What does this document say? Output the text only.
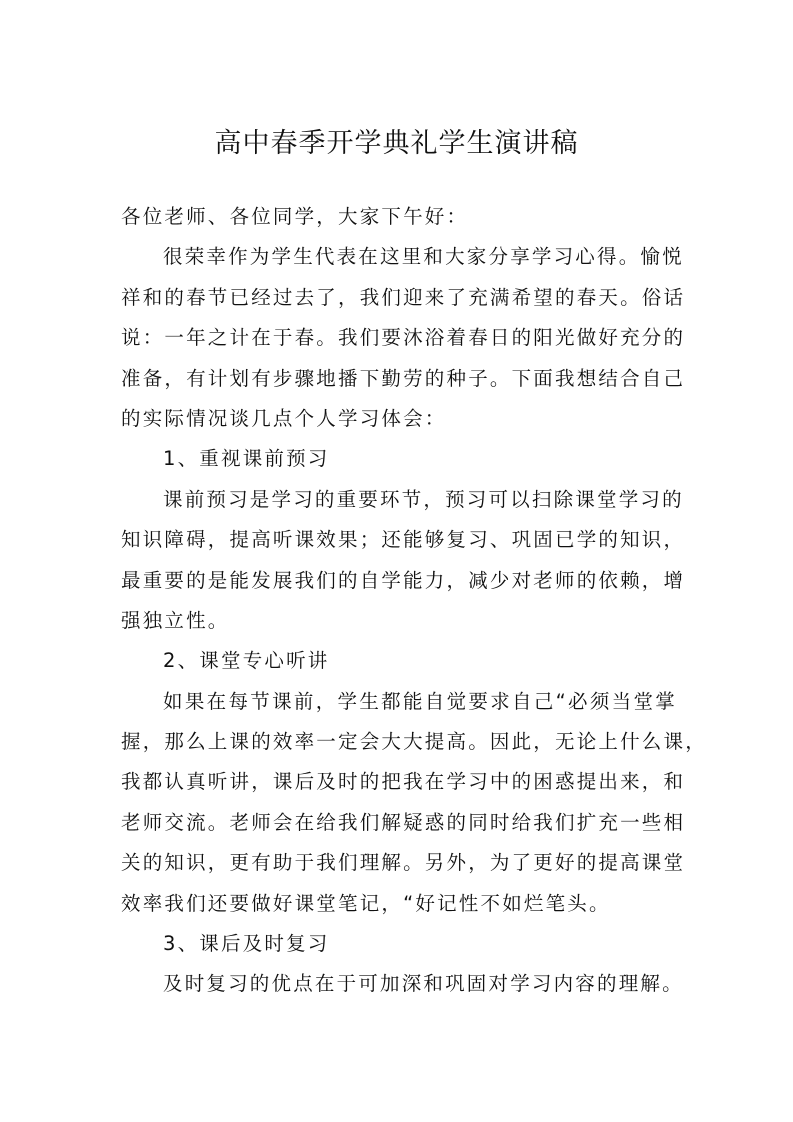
高中春季开学典礼学生演讲稿
各位老师、各位同学，大家下午好：
很荣幸作为学生代表在这里和大家分享学习心得。愉悦
祥和的春节已经过去了，我们迎来了充满希望的春天。俗话
说：一年之计在于春。我们要沐浴着春日的阳光做好充分的
准备，有计划有步骤地播下勤劳的种子。下面我想结合自己
的实际情况谈几点个人学习体会：
1、重视课前预习
课前预习是学习的重要环节，预习可以扫除课堂学习的
知识障碍，提高听课效果；还能够复习、巩固已学的知识，
最重要的是能发展我们的自学能力，减少对老师的依赖，增
强独立性。
2、课堂专心听讲
如果在每节课前，学生都能自觉要求自己“必须当堂掌
握，那么上课的效率一定会大大提高。因此，无论上什么课，
我都认真听讲，课后及时的把我在学习中的困惑提出来，和
老师交流。老师会在给我们解疑惑的同时给我们扩充一些相
关的知识，更有助于我们理解。另外，为了更好的提高课堂
效率我们还要做好课堂笔记，“好记性不如烂笔头。
3、课后及时复习
及时复习的优点在于可加深和巩固对学习内容的理解。
